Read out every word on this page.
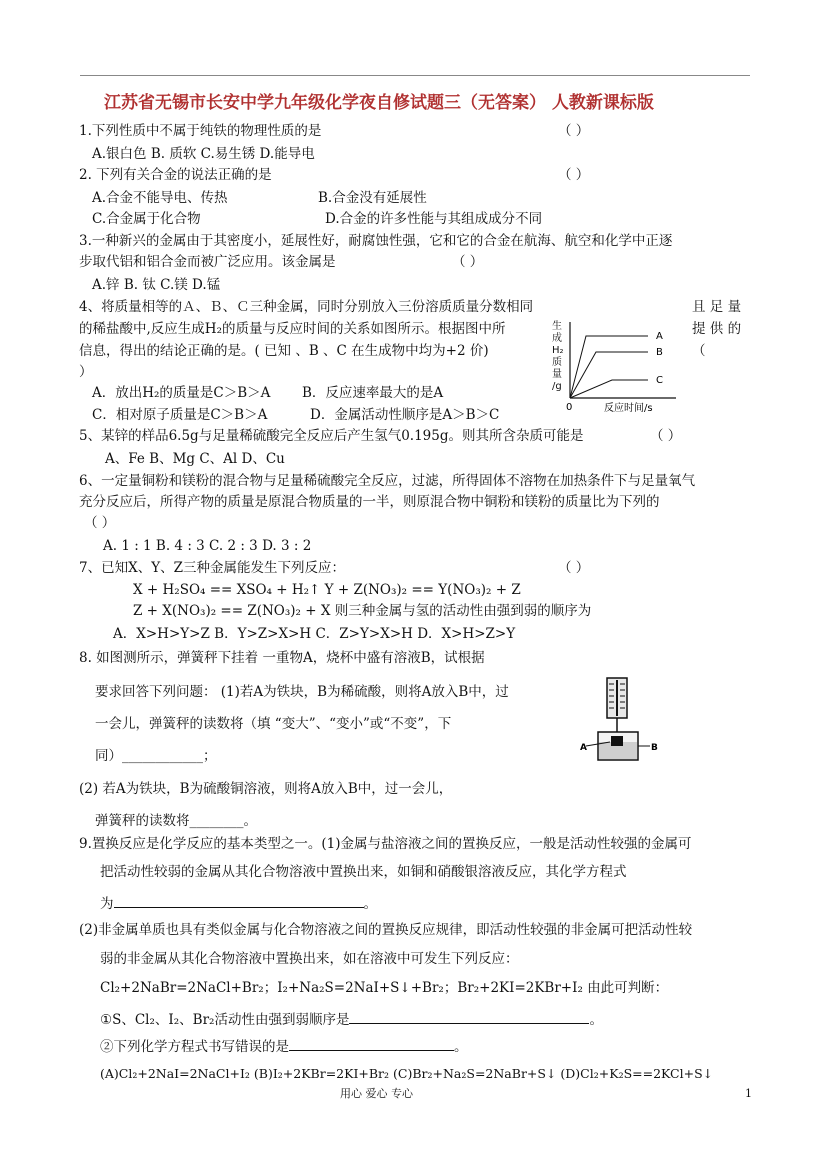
江苏省无锡市长安中学九年级化学夜自修试题三（无答案） 人教新课标版
1.下列性质中不属于纯铁的物理性质的是	（ ）
A.银白色 B. 质软 C.易生锈 D.能导电
2. 下列有关合金的说法正确的是	（ ）
A.合金不能导电、传热	B.合金没有延展性
C.合金属于化合物	D.合金的许多性能与其组成成分不同
3.一种新兴的金属由于其密度小，延展性好，耐腐蚀性强，它和它的合金在航海、航空和化学中正逐
步取代铝和铝合金而被广泛应用。该金属是	（ ）
A.锌 B. 钛 C.镁 D.锰
4、将质量相等的Ａ、Ｂ、Ｃ三种金属，同时分别放入三份溶质质量分数相同	且 足 量
的稀盐酸中,反应生成H₂的质量与反应时间的关系如图所示。根据图中所	提 供 的
信息，得出的结论正确的是。( 已知 、B 、C 在生成物中均为+2 价)	（
）
A．放出H₂的质量是C＞B＞A B．反应速率最大的是A
C．相对原子质量是C＞B＞A	D．金属活动性顺序是A＞B＞C
生
成
H₂
质
量
/g
A
B
C
0	反应时间/s
5、某锌的样品6.5g与足量稀硫酸完全反应后产生氢气0.195g。则其所含杂质可能是	（ ）
A、Fe B、Mg C、Al D、Cu
6、一定量铜粉和镁粉的混合物与足量稀硫酸完全反应，过滤，所得固体不溶物在加热条件下与足量氧气
充分反应后，所得产物的质量是原混合物质量的一半，则原混合物中铜粉和镁粉的质量比为下列的
（ ）
A. 1 : 1 B. 4 : 3 C. 2 : 3 D. 3 : 2
7、已知X、Y、Z三种金属能发生下列反应：	（ ）
X + H₂SO₄ == XSO₄ + H₂↑ Y + Z(NO₃)₂ == Y(NO₃)₂ + Z
Z + X(NO₃)₂ == Z(NO₃)₂ + X 则三种金属与氢的活动性由强到弱的顺序为
A．X>H>Y>Z B．Y>Z>X>H C．Z>Y>X>H D．X>H>Z>Y
8. 如图测所示，弹簧秤下挂着 一重物A，烧杯中盛有溶液B，试根据
要求回答下列问题： (1)若A为铁块，B为稀硫酸，则将A放入B中，过
一会儿，弹簧秤的读数将（填 “变大”、“变小”或“不变”，下
同）____________；
(2) 若A为铁块，B为硫酸铜溶液，则将A放入B中，过一会儿，
弹簧秤的读数将________。
A	B
9.置换反应是化学反应的基本类型之一。(1)金属与盐溶液之间的置换反应，一般是活动性较强的金属可
把活动性较弱的金属从其化合物溶液中置换出来，如铜和硝酸银溶液反应，其化学方程式
为	。
(2)非金属单质也具有类似金属与化合物溶液之间的置换反应规律，即活动性较强的非金属可把活动性较
弱的非金属从其化合物溶液中置换出来，如在溶液中可发生下列反应：
Cl₂+2NaBr=2NaCl+Br₂；I₂+Na₂S=2NaI+S↓+Br₂；Br₂+2KI=2KBr+I₂ 由此可判断：
①S、Cl₂、I₂、Br₂活动性由强到弱顺序是	。
②下列化学方程式书写错误的是	。
(A)Cl₂+2NaI=2NaCl+I₂ (B)I₂+2KBr=2KI+Br₂ (C)Br₂+Na₂S=2NaBr+S↓ (D)Cl₂+K₂S==2KCl+S↓
用心 爱心 专心	1
